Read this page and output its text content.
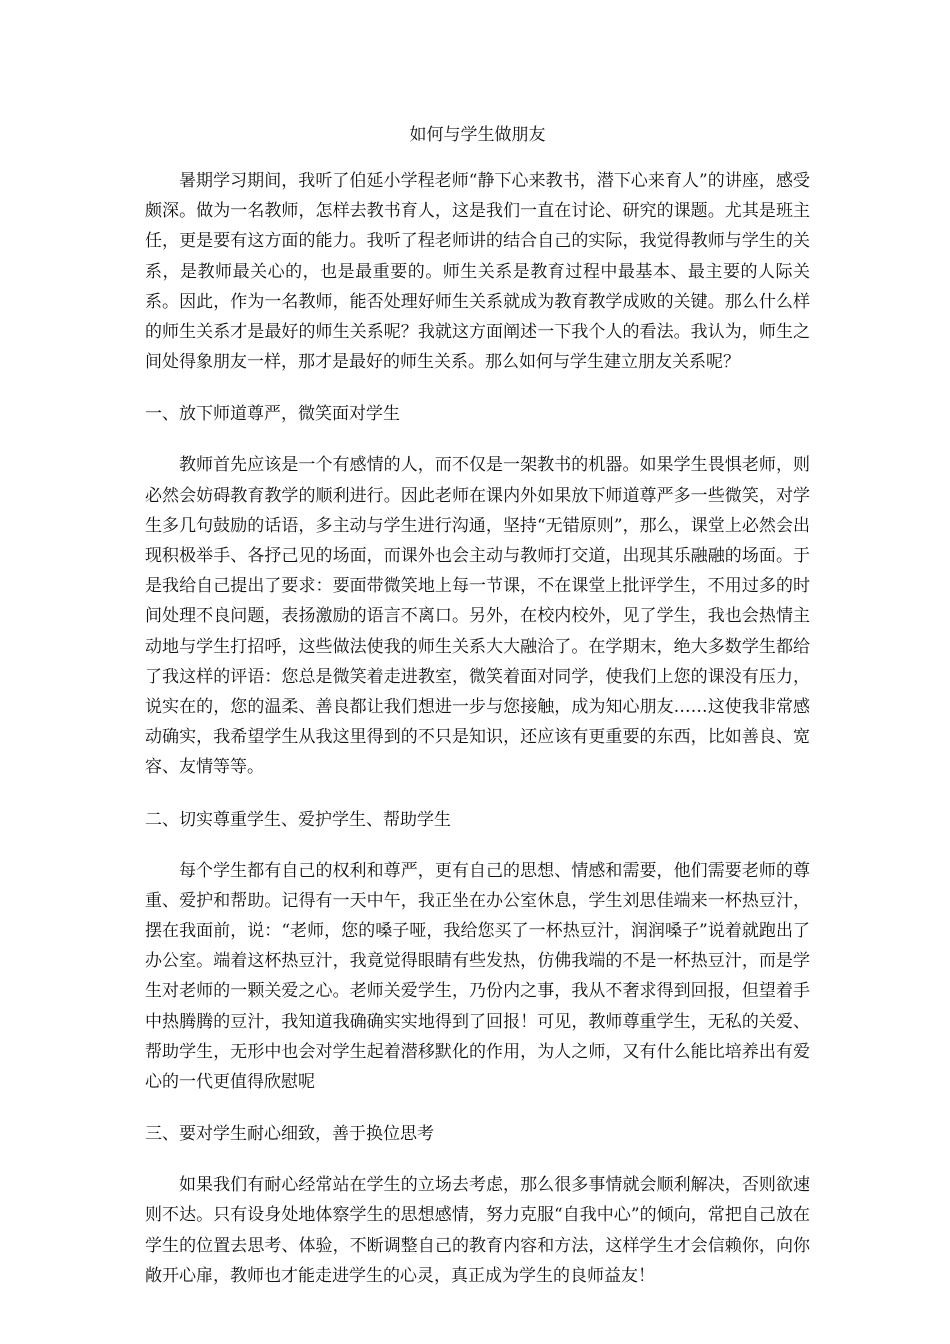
如何与学生做朋友

暑期学习期间，我听了伯延小学程老师“静下心来教书，潜下心来育人”的讲座，感受颇深。做为一名教师，怎样去教书育人，这是我们一直在讨论、研究的课题。尤其是班主任，更是要有这方面的能力。我听了程老师讲的结合自己的实际，我觉得教师与学生的关系，是教师最关心的，也是最重要的。师生关系是教育过程中最基本、最主要的人际关系。因此，作为一名教师，能否处理好师生关系就成为教育教学成败的关键。那么什么样的师生关系才是最好的师生关系呢？我就这方面阐述一下我个人的看法。我认为，师生之间处得象朋友一样，那才是最好的师生关系。那么如何与学生建立朋友关系呢？

一、放下师道尊严，微笑面对学生

教师首先应该是一个有感情的人，而不仅是一架教书的机器。如果学生畏惧老师，则必然会妨碍教育教学的顺利进行。因此老师在课内外如果放下师道尊严多一些微笑，对学生多几句鼓励的话语，多主动与学生进行沟通，坚持“无错原则”，那么，课堂上必然会出现积极举手、各抒己见的场面，而课外也会主动与教师打交道，出现其乐融融的场面。于是我给自己提出了要求：要面带微笑地上每一节课，不在课堂上批评学生，不用过多的时间处理不良问题，表扬激励的语言不离口。另外，在校内校外，见了学生，我也会热情主动地与学生打招呼，这些做法使我的师生关系大大融洽了。在学期末，绝大多数学生都给了我这样的评语：您总是微笑着走进教室，微笑着面对同学，使我们上您的课没有压力，说实在的，您的温柔、善良都让我们想进一步与您接触，成为知心朋友……这使我非常感动确实，我希望学生从我这里得到的不只是知识，还应该有更重要的东西，比如善良、宽容、友情等等。

二、切实尊重学生、爱护学生、帮助学生

每个学生都有自己的权利和尊严，更有自己的思想、情感和需要，他们需要老师的尊重、爱护和帮助。记得有一天中午，我正坐在办公室休息，学生刘思佳端来一杯热豆汁，摆在我面前，说：“老师，您的嗓子哑，我给您买了一杯热豆汁，润润嗓子”说着就跑出了办公室。端着这杯热豆汁，我竟觉得眼睛有些发热，仿佛我端的不是一杯热豆汁，而是学生对老师的一颗关爱之心。老师关爱学生，乃份内之事，我从不奢求得到回报，但望着手中热腾腾的豆汁，我知道我确确实实地得到了回报！可见，教师尊重学生，无私的关爱、帮助学生，无形中也会对学生起着潜移默化的作用，为人之师，又有什么能比培养出有爱心的一代更值得欣慰呢

三、要对学生耐心细致，善于换位思考

如果我们有耐心经常站在学生的立场去考虑，那么很多事情就会顺利解决，否则欲速则不达。只有设身处地体察学生的思想感情，努力克服“自我中心”的倾向，常把自己放在学生的位置去思考、体验，不断调整自己的教育内容和方法，这样学生才会信赖你，向你敞开心扉，教师也才能走进学生的心灵，真正成为学生的良师益友！
